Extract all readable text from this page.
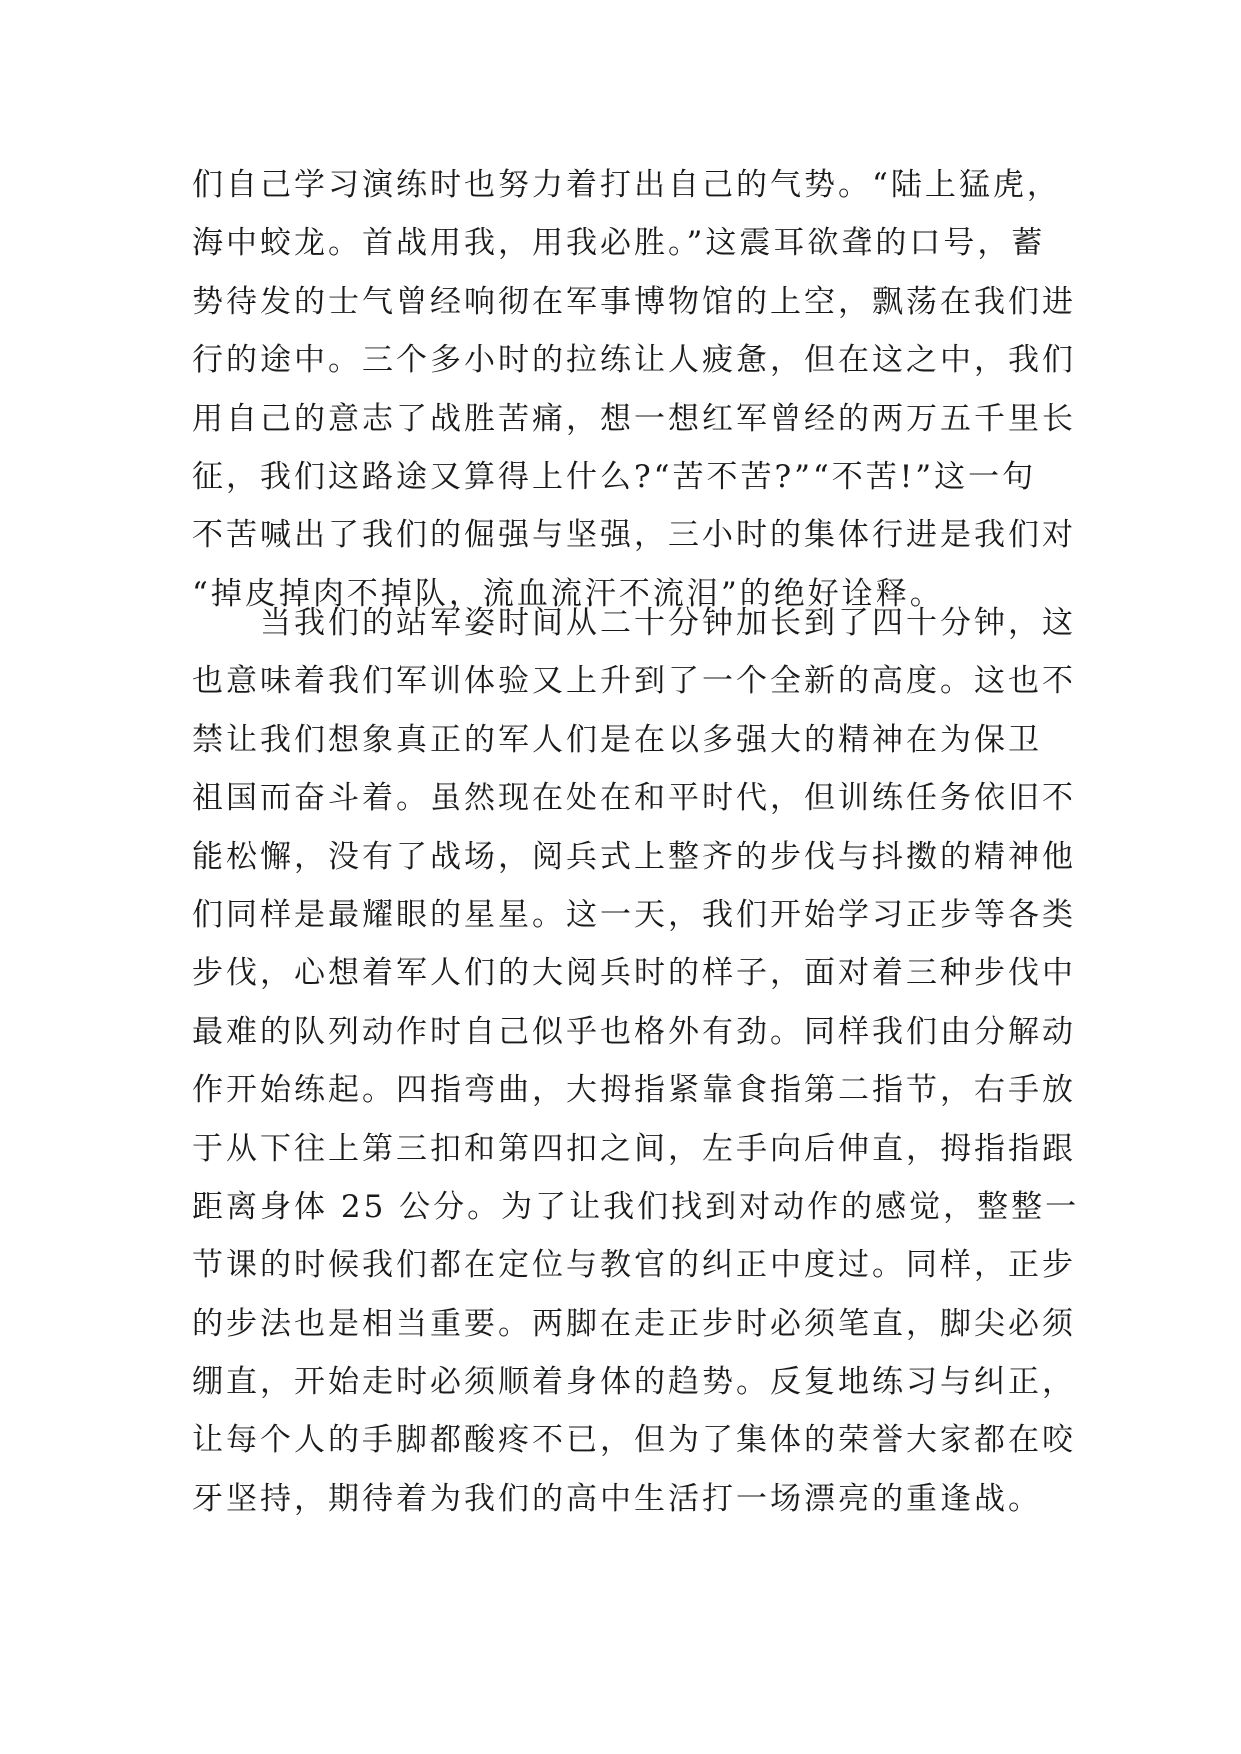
们自己学习演练时也努力着打出自己的气势。“陆上猛虎，
海中蛟龙。首战用我，用我必胜。”这震耳欲聋的口号，蓄
势待发的士气曾经响彻在军事博物馆的上空，飘荡在我们进
行的途中。三个多小时的拉练让人疲惫，但在这之中，我们
用自己的意志了战胜苦痛，想一想红军曾经的两万五千里长
征，我们这路途又算得上什么?“苦不苦?”“不苦!”这一句
不苦喊出了我们的倔强与坚强，三小时的集体行进是我们对
“掉皮掉肉不掉队，流血流汗不流泪”的绝好诠释。
　　当我们的站军姿时间从二十分钟加长到了四十分钟，这
也意味着我们军训体验又上升到了一个全新的高度。这也不
禁让我们想象真正的军人们是在以多强大的精神在为保卫
祖国而奋斗着。虽然现在处在和平时代，但训练任务依旧不
能松懈，没有了战场，阅兵式上整齐的步伐与抖擞的精神他
们同样是最耀眼的星星。这一天，我们开始学习正步等各类
步伐，心想着军人们的大阅兵时的样子，面对着三种步伐中
最难的队列动作时自己似乎也格外有劲。同样我们由分解动
作开始练起。四指弯曲，大拇指紧靠食指第二指节，右手放
于从下往上第三扣和第四扣之间，左手向后伸直，拇指指跟
距离身体 25 公分。为了让我们找到对动作的感觉，整整一
节课的时候我们都在定位与教官的纠正中度过。同样，正步
的步法也是相当重要。两脚在走正步时必须笔直，脚尖必须
绷直，开始走时必须顺着身体的趋势。反复地练习与纠正，
让每个人的手脚都酸疼不已，但为了集体的荣誉大家都在咬
牙坚持，期待着为我们的高中生活打一场漂亮的重逢战。
